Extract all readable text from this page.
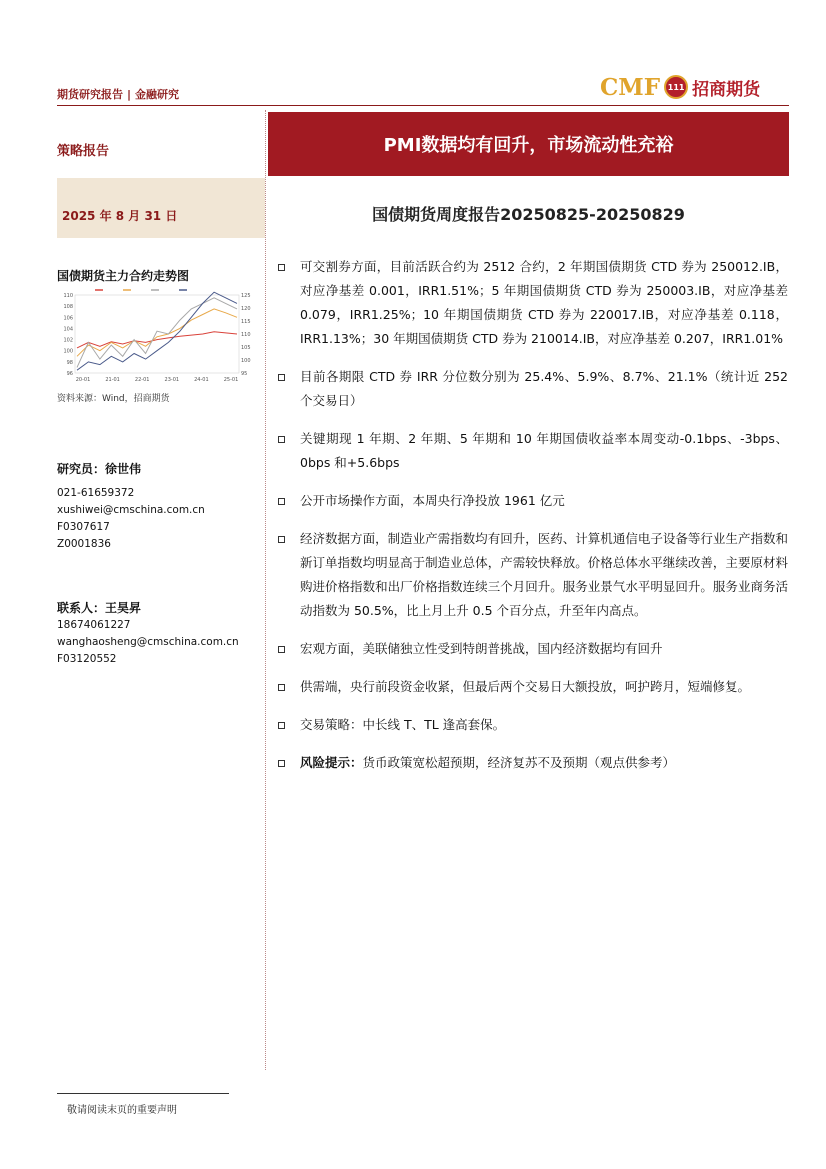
期货研究报告 | 金融研究	CMF 111 招商期货
策略报告
2025 年 8 月 31 日
PMI数据均有回升，市场流动性充裕
国债期货周度报告20250825-20250829
国债期货主力合约走势图
110
108
106
104
102
100
98
96
125
120
115
110
105
100
95
20-01	21-01	22-01	23-01	24-01	25-01
资料来源：Wind，招商期货
研究员：徐世伟
021-61659372
xushiwei@cmschina.com.cn
F0307617
Z0001836
联系人：王昊昇
18674061227
wanghaosheng@cmschina.com.cn
F03120552
可交割券方面，目前活跃合约为 2512 合约，2 年期国债期货 CTD 券为 250012.IB，对应净基差 0.001，IRR1.51%；5 年期国债期货 CTD 券为 250003.IB，对应净基差 0.079，IRR1.25%；10 年期国债期货 CTD 券为 220017.IB，对应净基差 0.118，IRR1.13%；30 年期国债期货 CTD 券为 210014.IB，对应净基差 0.207，IRR1.01%
目前各期限 CTD 券 IRR 分位数分别为 25.4%、5.9%、8.7%、21.1%（统计近 252 个交易日）
关键期现 1 年期、2 年期、5 年期和 10 年期国债收益率本周变动-0.1bps、-3bps、0bps 和+5.6bps
公开市场操作方面，本周央行净投放 1961 亿元
经济数据方面，制造业产需指数均有回升，医药、计算机通信电子设备等行业生产指数和新订单指数均明显高于制造业总体，产需较快释放。价格总体水平继续改善，主要原材料购进价格指数和出厂价格指数连续三个月回升。服务业景气水平明显回升。服务业商务活动指数为 50.5%，比上月上升 0.5 个百分点，升至年内高点。
宏观方面，美联储独立性受到特朗普挑战，国内经济数据均有回升
供需端，央行前段资金收紧，但最后两个交易日大额投放，呵护跨月，短端修复。
交易策略：中长线 T、TL 逢高套保。
风险提示：货币政策宽松超预期，经济复苏不及预期（观点供参考）
敬请阅读末页的重要声明
